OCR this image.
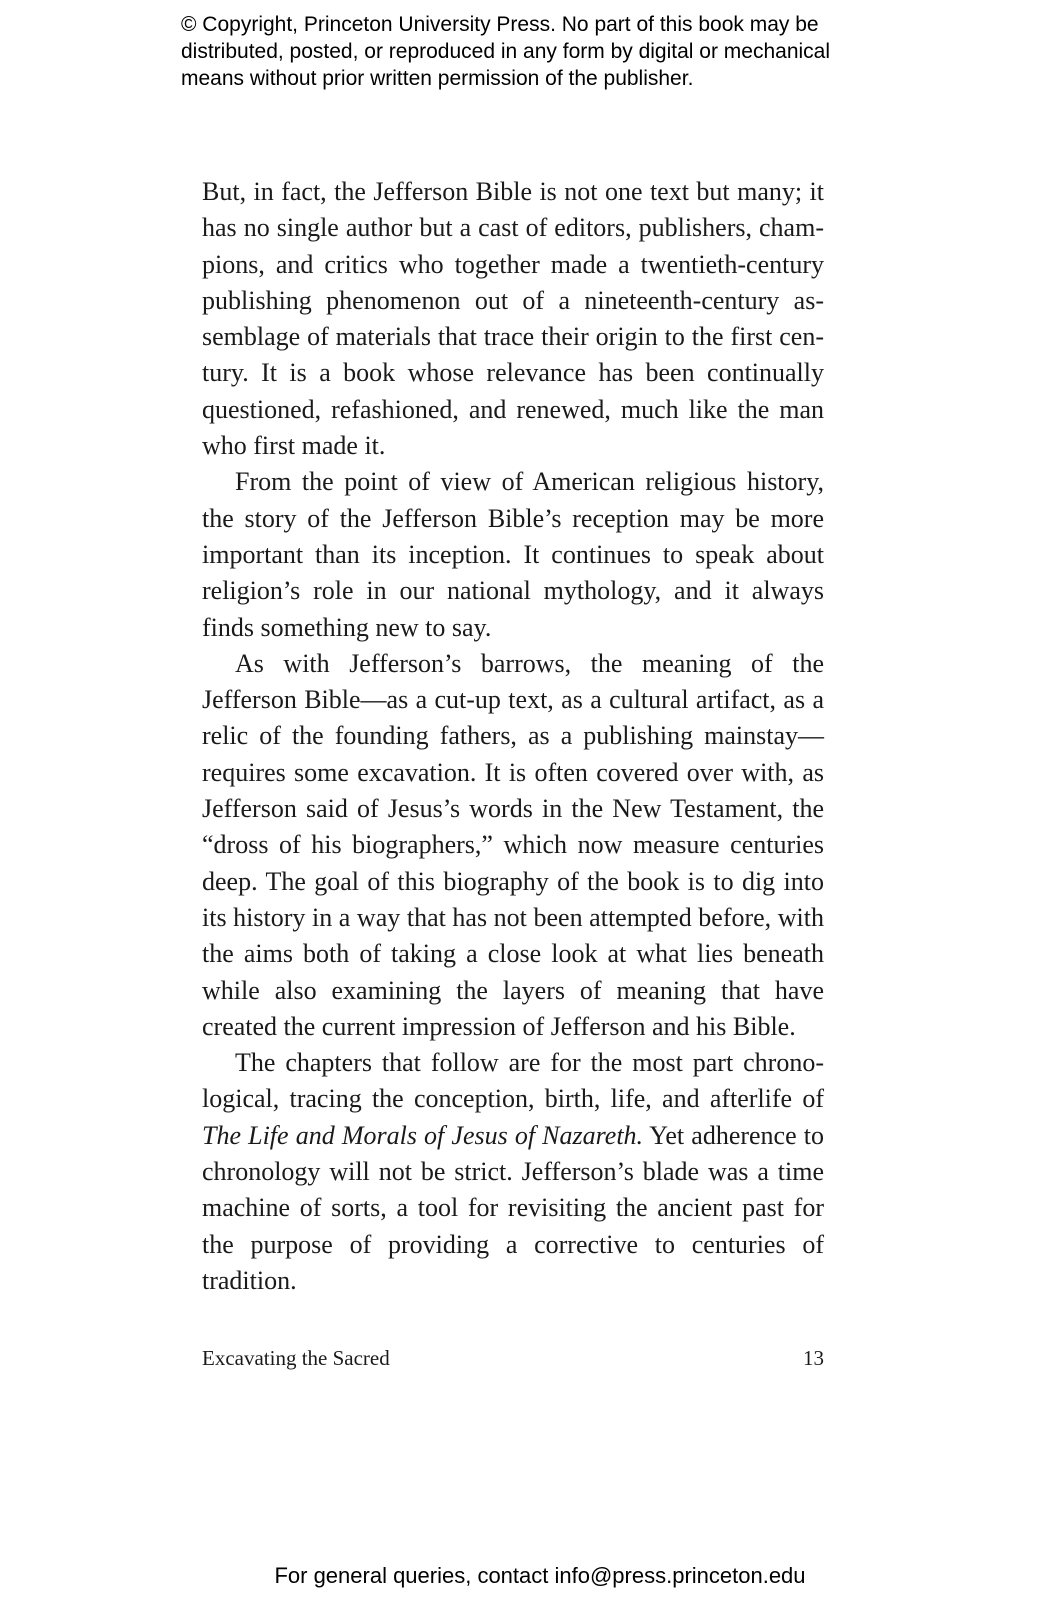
© Copyright, Princeton University Press. No part of this book may be
distributed, posted, or reproduced in any form by digital or mechanical
means without prior written permission of the publisher.

But, in fact, the Jefferson Bible is not one text but many; it has no single author but a cast of editors, publishers, champions, and critics who together made a twentieth-century publishing phenomenon out of a nineteenth-century assemblage of materials that trace their origin to the first century. It is a book whose relevance has been continually questioned, refashioned, and renewed, much like the man who first made it.

From the point of view of American religious history, the story of the Jefferson Bible’s reception may be more important than its inception. It continues to speak about religion’s role in our national mythology, and it always finds something new to say.

As with Jefferson’s barrows, the meaning of the Jefferson Bible—as a cut-up text, as a cultural artifact, as a relic of the founding fathers, as a publishing mainstay—requires some excavation. It is often covered over with, as Jefferson said of Jesus’s words in the New Testament, the “dross of his biographers,” which now measure centuries deep. The goal of this biography of the book is to dig into its history in a way that has not been attempted before, with the aims both of taking a close look at what lies beneath while also examining the layers of meaning that have created the current impression of Jefferson and his Bible.

The chapters that follow are for the most part chronological, tracing the conception, birth, life, and afterlife of The Life and Morals of Jesus of Nazareth. Yet adherence to chronology will not be strict. Jefferson’s blade was a time machine of sorts, a tool for revisiting the ancient past for the purpose of providing a corrective to centuries of tradition.

Excavating the Sacred	13
For general queries, contact info@press.princeton.edu
